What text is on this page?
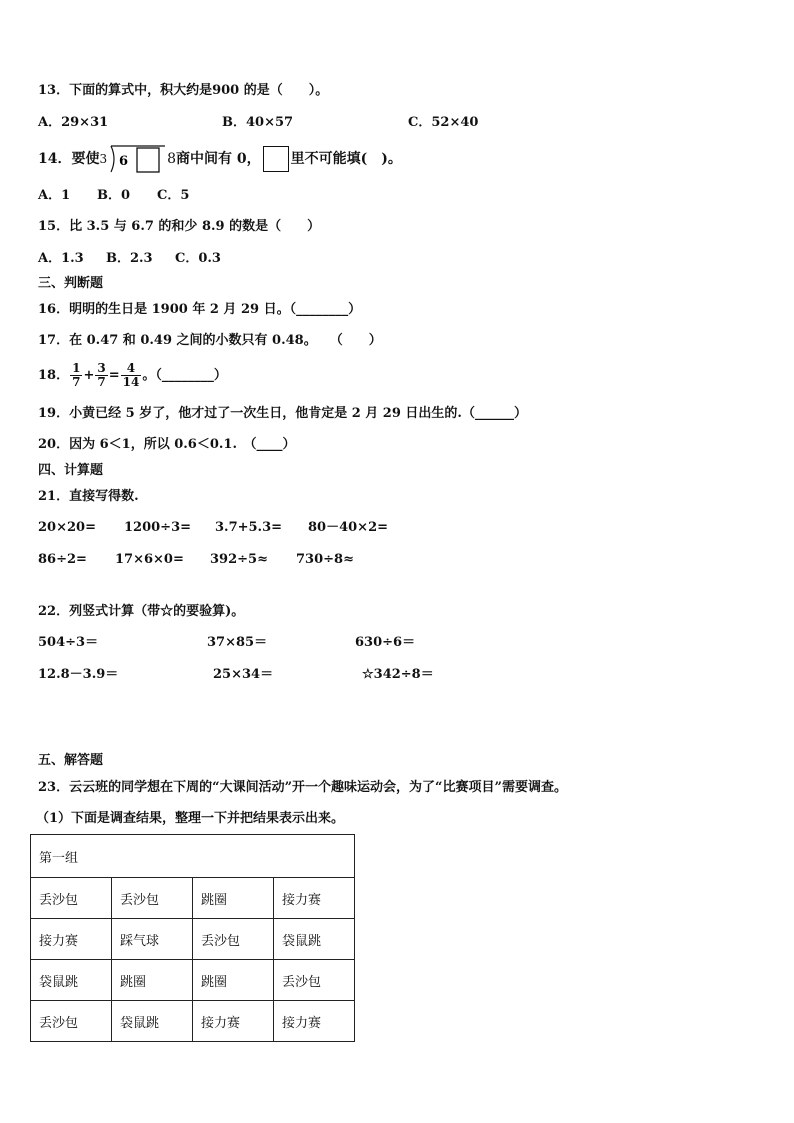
13．下面的算式中，积大约是900 的是（　　）。
A．29×31	B．40×57	C．52×40
14．要使3 6	8商中间有 0， 里不可能填(　)。
A．1 B．0 C．5
15．比 3.5 与 6.7 的和少 8.9 的数是（　　）
A．1.3 B．2.3 C．0.3
三、判断题
16．明明的生日是 1900 年 2 月 29 日。（________）
17．在 0.47 和 0.49 之间的小数只有 0.48。　　（　　）
18． $\frac{1}{7} + \frac{3}{7} = \frac{4}{14}$ 。（________）
19．小黄已经 5 岁了，他才过了一次生日，他肯定是 2 月 29 日出生的.（______）
20．因为 6＜1，所以 0.6＜0.1.　（____）
四、计算题
21．直接写得数.
20×20= 1200÷3= 3.7+5.3= 80－40×2=
86÷2= 17×6×0= 392÷5≈ 730÷8≈
22．列竖式计算（带☆的要验算)。
504÷3＝	37×85＝	630÷6＝
12.8－3.9＝	25×34＝	☆342÷8＝
五、解答题
23．云云班的同学想在下周的“大课间活动”开一个趣味运动会，为了“比赛项目”需要调查。
（1）下面是调查结果，整理一下并把结果表示出来。
第一组			
丢沙包	丢沙包	跳圈	接力赛
接力赛	踩气球	丢沙包	袋鼠跳
袋鼠跳	跳圈	跳圈	丢沙包
丢沙包	袋鼠跳	接力赛	接力赛
